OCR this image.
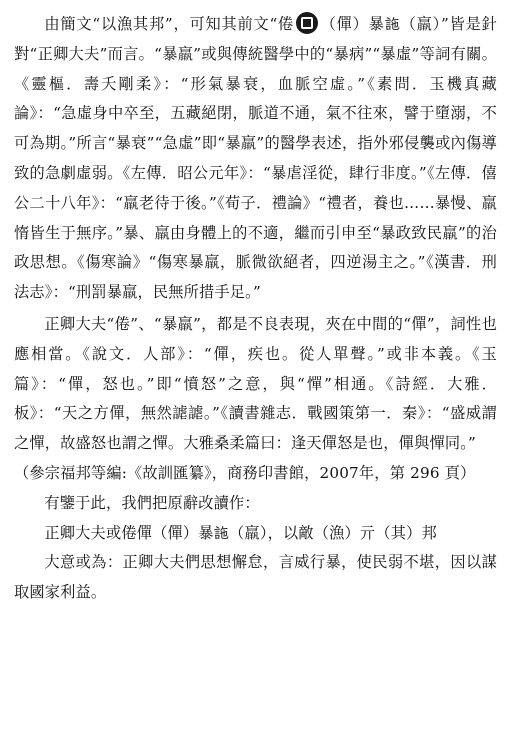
由簡文“以漁其邦”，可知其前文“倦 （僤）暴𧦧（羸）”皆是針對“正卿大夫”而言。“暴羸”或與傳統醫學中的“暴病”“暴虛”等詞有關。《靈樞．壽夭剛柔》：“形氣暴衰，血脈空虛。”《素問．玉機真藏論》：“急虛身中卒至，五藏絕閉，脈道不通，氣不往來，譬于墮溺，不可為期。”所言“暴衰”“急虛”即“暴羸”的醫學表述，指外邪侵襲或內傷導致的急劇虛弱。《左傳．昭公元年》：“暴虐淫從，肆行非度。”《左傳．僖公二十八年》：“羸老待于後。”《荀子．禮論》“禮者，養也……暴慢、羸惰皆生于無序。”暴、羸由身體上的不適，繼而引申至“暴政致民羸”的治政思想。《傷寒論》“傷寒暴羸，脈微欲絕者，四逆湯主之。”《漢書．刑法志》：“刑罰暴羸，民無所措手足。”

正卿大夫“倦”、“暴羸”，都是不良表現，夾在中間的“僤”，詞性也應相當。《說文．人部》：“僤，疾也。從人單聲。”或非本義。《玉篇》：“僤，怒也。”即“憤怒”之意，與“憚”相通。《詩經．大雅．板》：“天之方僤，無然謔謔。”《讀書雜志．戰國策第一．秦》：“盛威謂之憚，故盛怒也謂之憚。大雅桑柔篇曰：逢天僤怒是也，僤與憚同。”

（參宗福邦等編:《故訓匯纂》，商務印書館，2007年，第 296 頁）

有鑒于此，我們把原辭改讀作：

正卿大夫或倦僤（僤）暴𧦧（羸），以敵（漁）亓（其）邦

大意或為：正卿大夫們思想懈怠，言威行暴，使民弱不堪，因以謀取國家利益。
